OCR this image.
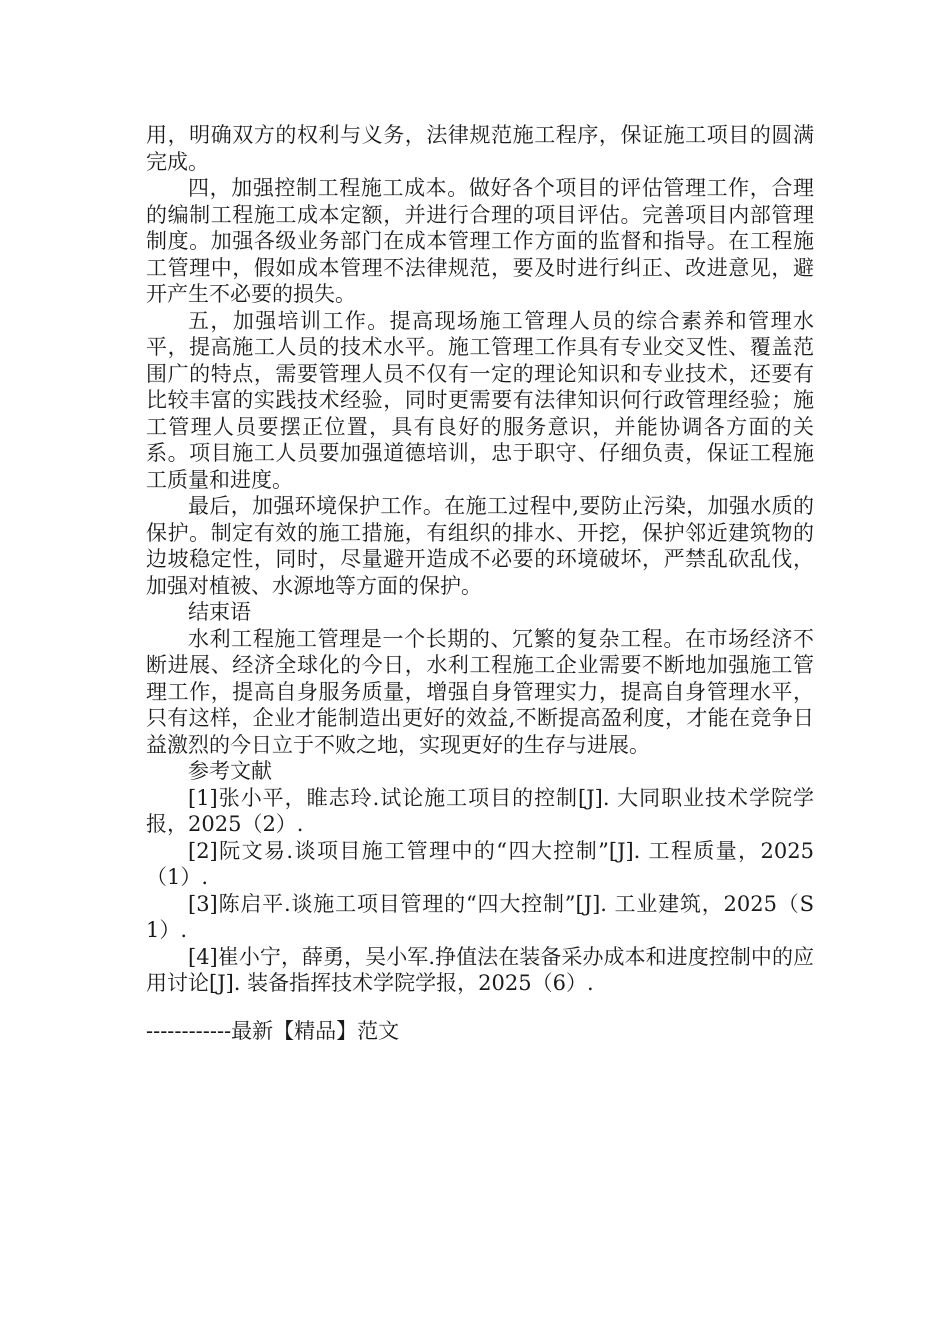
用，明确双方的权利与义务，法律规范施工程序，保证施工项目的圆满完成。

四，加强控制工程施工成本。做好各个项目的评估管理工作，合理的编制工程施工成本定额，并进行合理的项目评估。完善项目内部管理制度。加强各级业务部门在成本管理工作方面的监督和指导。在工程施工管理中，假如成本管理不法律规范，要及时进行纠正、改进意见，避开产生不必要的损失。

五，加强培训工作。提高现场施工管理人员的综合素养和管理水平，提高施工人员的技术水平。施工管理工作具有专业交叉性、覆盖范围广的特点，需要管理人员不仅有一定的理论知识和专业技术，还要有比较丰富的实践技术经验，同时更需要有法律知识何行政管理经验；施工管理人员要摆正位置，具有良好的服务意识，并能协调各方面的关系。项目施工人员要加强道德培训，忠于职守、仔细负责，保证工程施工质量和进度。

最后，加强环境保护工作。在施工过程中,要防止污染，加强水质的保护。制定有效的施工措施，有组织的排水、开挖，保护邻近建筑物的边坡稳定性，同时，尽量避开造成不必要的环境破坏，严禁乱砍乱伐，加强对植被、水源地等方面的保护。

结束语

水利工程施工管理是一个长期的、冗繁的复杂工程。在市场经济不断进展、经济全球化的今日，水利工程施工企业需要不断地加强施工管理工作，提高自身服务质量，增强自身管理实力，提高自身管理水平，只有这样，企业才能制造出更好的效益,不断提高盈利度，才能在竞争日益激烈的今日立于不败之地，实现更好的生存与进展。

参考文献

[1]张小平，睢志玲.试论施工项目的控制[J]. 大同职业技术学院学报，2025（2）.

[2]阮文易.谈项目施工管理中的“四大控制”[J]. 工程质量，2025（1）.

[3]陈启平.谈施工项目管理的“四大控制”[J]. 工业建筑，2025（S1）.

[4]崔小宁，薛勇，吴小军.挣值法在装备采办成本和进度控制中的应用讨论[J]. 装备指挥技术学院学报，2025（6）.

------------最新【精品】范文
